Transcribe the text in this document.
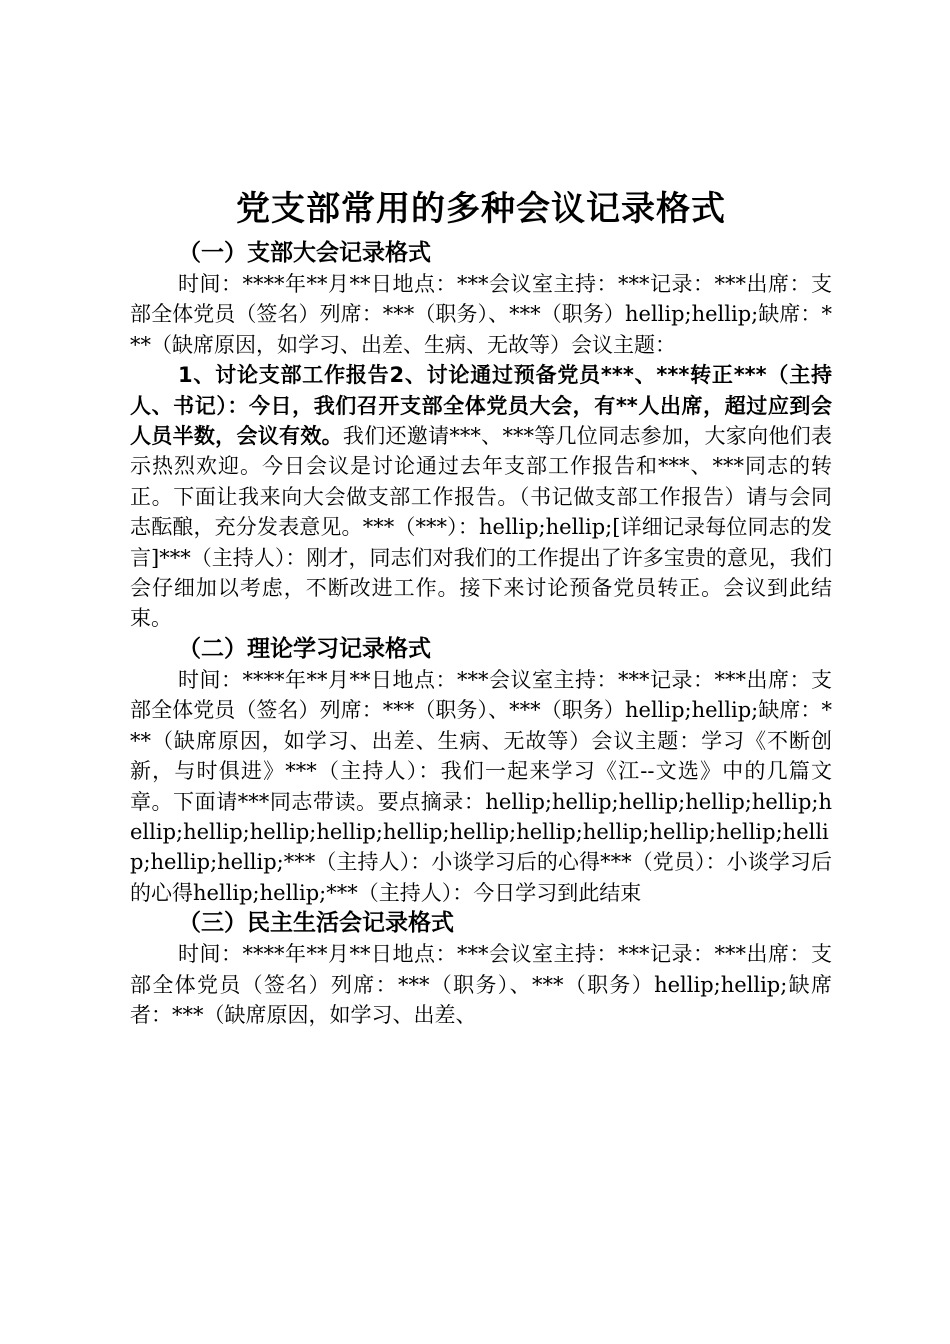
党支部常用的多种会议记录格式
（一）支部大会记录格式

时间：****年**月**日地点：***会议室主持：***记录：***出席：支部全体党员（签名）列席：***（职务）、***（职务）hellip;hellip;缺席：***（缺席原因，如学习、出差、生病、无故等）会议主题：

1、讨论支部工作报告2、讨论通过预备党员***、***转正***（主持人、书记）：今日，我们召开支部全体党员大会，有**人出席，超过应到会人员半数，会议有效。我们还邀请***、***等几位同志参加，大家向他们表示热烈欢迎。今日会议是讨论通过去年支部工作报告和***、***同志的转正。下面让我来向大会做支部工作报告。（书记做支部工作报告）请与会同志酝酿，充分发表意见。***（***）：hellip;hellip;[详细记录每位同志的发言]***（主持人）：刚才，同志们对我们的工作提出了许多宝贵的意见，我们会仔细加以考虑，不断改进工作。接下来讨论预备党员转正。会议到此结束。

（二）理论学习记录格式

时间：****年**月**日地点：***会议室主持：***记录：***出席：支部全体党员（签名）列席：***（职务）、***（职务）hellip;hellip;缺席：***（缺席原因，如学习、出差、生病、无故等）会议主题：学习《不断创新，与时俱进》***（主持人）：我们一起来学习《江--文选》中的几篇文章。下面请***同志带读。要点摘录：hellip;hellip;hellip;hellip;hellip;hellip;hellip;hellip;hellip;hellip;hellip;hellip;hellip;hellip;hellip;hellip;hellip;hellip;***（主持人）：小谈学习后的心得***（党员）：小谈学习后的心得hellip;hellip;***（主持人）：今日学习到此结束

（三）民主生活会记录格式

时间：****年**月**日地点：***会议室主持：***记录：***出席：支部全体党员（签名）列席：***（职务）、***（职务）hellip;hellip;缺席者：***（缺席原因，如学习、出差、
